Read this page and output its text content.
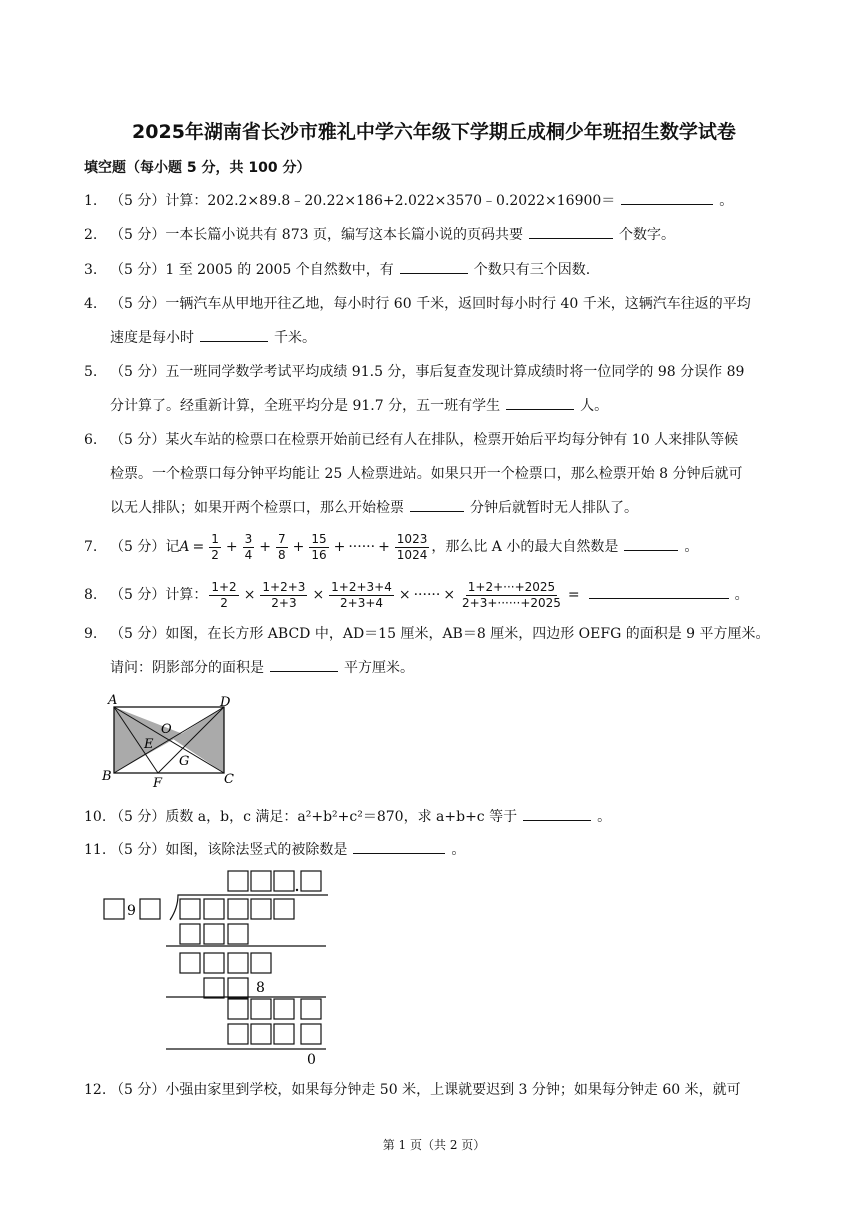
2025年湖南省长沙市雅礼中学六年级下学期丘成桐少年班招生数学试卷
填空题（每小题 5 分，共 100 分）
1. （5 分）计算：202.2×89.8﹣20.22×186+2.022×3570﹣0.2022×16900＝	。
2. （5 分）一本长篇小说共有 873 页，编写这本长篇小说的页码共要	个数字。
3. （5 分）1 至 2005 的 2005 个自然数中，有	个数只有三个因数.
4. （5 分）一辆汽车从甲地开往乙地，每小时行 60 千米，返回时每小时行 40 千米，这辆汽车往返的平均
速度是每小时	千米。
5. （5 分）五一班同学数学考试平均成绩 91.5 分，事后复查发现计算成绩时将一位同学的 98 分误作 89
分计算了。经重新计算，全班平均分是 91.7 分，五一班有学生	人。
6. （5 分）某火车站的检票口在检票开始前已经有人在排队，检票开始后平均每分钟有 10 人来排队等候
检票。一个检票口每分钟平均能让 25 人检票进站。如果只开一个检票口，那么检票开始 8 分钟后就可
以无人排队；如果开两个检票口，那么开始检票	分钟后就暂时无人排队了。
7. （5 分）记$A = \frac{1}{2} + \frac{3}{4} + \frac{7}{8} + \frac{15}{16}$ + ······ + $\frac{1023}{1024}$ ，那么比 A 小的最大自然数是	。
8. （5 分）计算： $\frac{1+2}{2} \times \frac{1+2+3}{2+3} \times \frac{1+2+3+4}{2+3+4}$ × ······ × $\frac{1+2+\cdot\cdot\cdot+2025}{2+3+\cdot\cdot\cdot\cdot\cdot\cdot+2025}$ =	。
9. （5 分）如图，在长方形 ABCD 中，AD＝15 厘米，AB＝8 厘米，四边形 OEFG 的面积是 9 平方厘米。
请问：阴影部分的面积是	平方厘米。
A	D
B	C
O
E
G
F
10. （5 分）质数 a，b，c 满足：a²+b²+c²＝870，求 a+b+c 等于	。
11. （5 分）如图，该除法竖式的被除数是	。
9
8
0
12. （5 分）小强由家里到学校，如果每分钟走 50 米，上课就要迟到 3 分钟；如果每分钟走 60 米，就可
第 1 页（共 2 页）
